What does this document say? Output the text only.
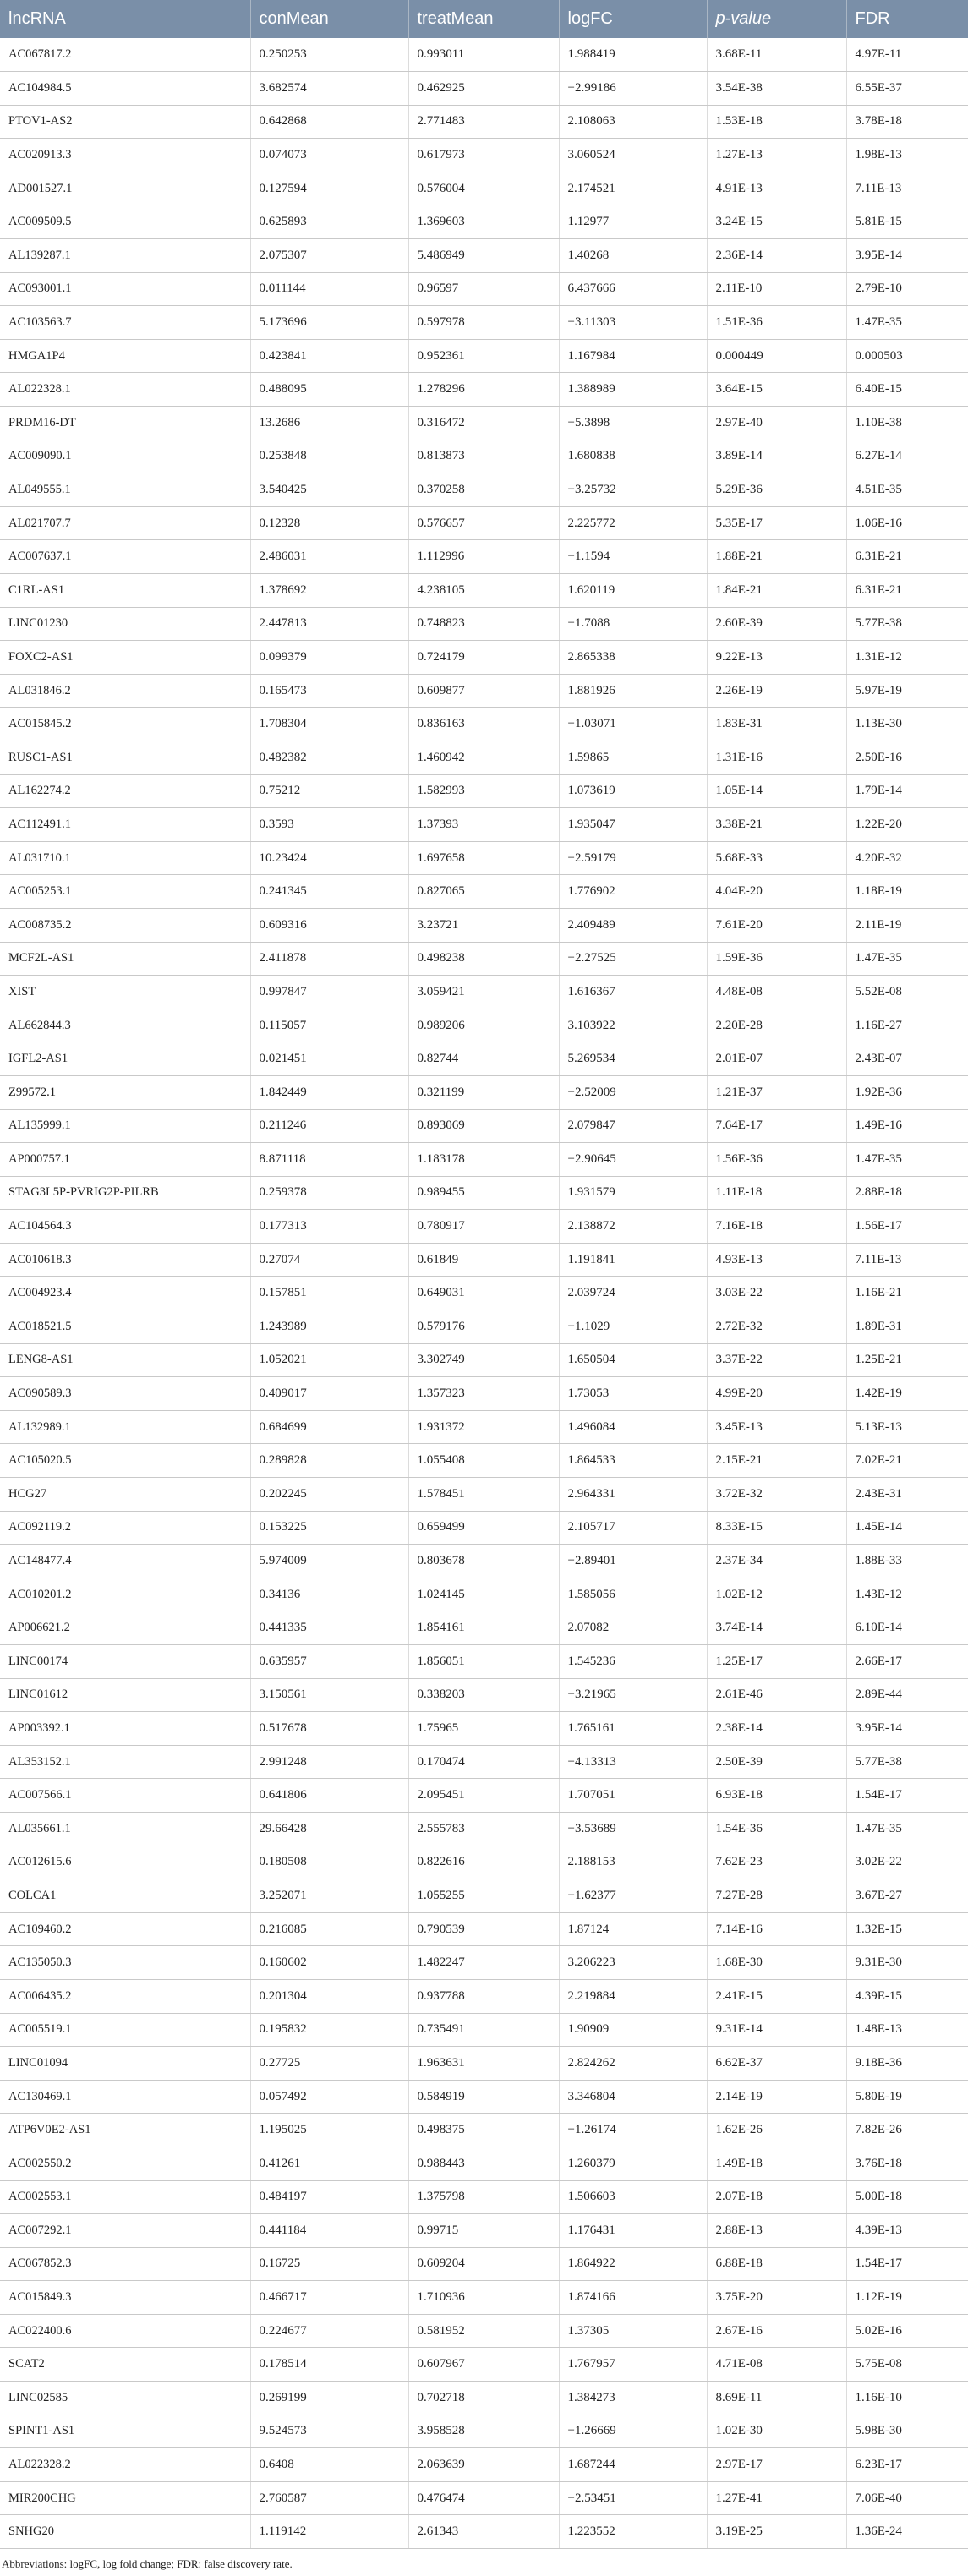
lncRNA	conMean	treatMean	logFC	p-value	FDR
AC067817.2	0.250253	0.993011	1.988419	3.68E-11	4.97E-11
AC104984.5	3.682574	0.462925	−2.99186	3.54E-38	6.55E-37
PTOV1-AS2	0.642868	2.771483	2.108063	1.53E-18	3.78E-18
AC020913.3	0.074073	0.617973	3.060524	1.27E-13	1.98E-13
AD001527.1	0.127594	0.576004	2.174521	4.91E-13	7.11E-13
AC009509.5	0.625893	1.369603	1.12977	3.24E-15	5.81E-15
AL139287.1	2.075307	5.486949	1.40268	2.36E-14	3.95E-14
AC093001.1	0.011144	0.96597	6.437666	2.11E-10	2.79E-10
AC103563.7	5.173696	0.597978	−3.11303	1.51E-36	1.47E-35
HMGA1P4	0.423841	0.952361	1.167984	0.000449	0.000503
AL022328.1	0.488095	1.278296	1.388989	3.64E-15	6.40E-15
PRDM16-DT	13.2686	0.316472	−5.3898	2.97E-40	1.10E-38
AC009090.1	0.253848	0.813873	1.680838	3.89E-14	6.27E-14
AL049555.1	3.540425	0.370258	−3.25732	5.29E-36	4.51E-35
AL021707.7	0.12328	0.576657	2.225772	5.35E-17	1.06E-16
AC007637.1	2.486031	1.112996	−1.1594	1.88E-21	6.31E-21
C1RL-AS1	1.378692	4.238105	1.620119	1.84E-21	6.31E-21
LINC01230	2.447813	0.748823	−1.7088	2.60E-39	5.77E-38
FOXC2-AS1	0.099379	0.724179	2.865338	9.22E-13	1.31E-12
AL031846.2	0.165473	0.609877	1.881926	2.26E-19	5.97E-19
AC015845.2	1.708304	0.836163	−1.03071	1.83E-31	1.13E-30
RUSC1-AS1	0.482382	1.460942	1.59865	1.31E-16	2.50E-16
AL162274.2	0.75212	1.582993	1.073619	1.05E-14	1.79E-14
AC112491.1	0.3593	1.37393	1.935047	3.38E-21	1.22E-20
AL031710.1	10.23424	1.697658	−2.59179	5.68E-33	4.20E-32
AC005253.1	0.241345	0.827065	1.776902	4.04E-20	1.18E-19
AC008735.2	0.609316	3.23721	2.409489	7.61E-20	2.11E-19
MCF2L-AS1	2.411878	0.498238	−2.27525	1.59E-36	1.47E-35
XIST	0.997847	3.059421	1.616367	4.48E-08	5.52E-08
AL662844.3	0.115057	0.989206	3.103922	2.20E-28	1.16E-27
IGFL2-AS1	0.021451	0.82744	5.269534	2.01E-07	2.43E-07
Z99572.1	1.842449	0.321199	−2.52009	1.21E-37	1.92E-36
AL135999.1	0.211246	0.893069	2.079847	7.64E-17	1.49E-16
AP000757.1	8.871118	1.183178	−2.90645	1.56E-36	1.47E-35
STAG3L5P-PVRIG2P-PILRB	0.259378	0.989455	1.931579	1.11E-18	2.88E-18
AC104564.3	0.177313	0.780917	2.138872	7.16E-18	1.56E-17
AC010618.3	0.27074	0.61849	1.191841	4.93E-13	7.11E-13
AC004923.4	0.157851	0.649031	2.039724	3.03E-22	1.16E-21
AC018521.5	1.243989	0.579176	−1.1029	2.72E-32	1.89E-31
LENG8-AS1	1.052021	3.302749	1.650504	3.37E-22	1.25E-21
AC090589.3	0.409017	1.357323	1.73053	4.99E-20	1.42E-19
AL132989.1	0.684699	1.931372	1.496084	3.45E-13	5.13E-13
AC105020.5	0.289828	1.055408	1.864533	2.15E-21	7.02E-21
HCG27	0.202245	1.578451	2.964331	3.72E-32	2.43E-31
AC092119.2	0.153225	0.659499	2.105717	8.33E-15	1.45E-14
AC148477.4	5.974009	0.803678	−2.89401	2.37E-34	1.88E-33
AC010201.2	0.34136	1.024145	1.585056	1.02E-12	1.43E-12
AP006621.2	0.441335	1.854161	2.07082	3.74E-14	6.10E-14
LINC00174	0.635957	1.856051	1.545236	1.25E-17	2.66E-17
LINC01612	3.150561	0.338203	−3.21965	2.61E-46	2.89E-44
AP003392.1	0.517678	1.75965	1.765161	2.38E-14	3.95E-14
AL353152.1	2.991248	0.170474	−4.13313	2.50E-39	5.77E-38
AC007566.1	0.641806	2.095451	1.707051	6.93E-18	1.54E-17
AL035661.1	29.66428	2.555783	−3.53689	1.54E-36	1.47E-35
AC012615.6	0.180508	0.822616	2.188153	7.62E-23	3.02E-22
COLCA1	3.252071	1.055255	−1.62377	7.27E-28	3.67E-27
AC109460.2	0.216085	0.790539	1.87124	7.14E-16	1.32E-15
AC135050.3	0.160602	1.482247	3.206223	1.68E-30	9.31E-30
AC006435.2	0.201304	0.937788	2.219884	2.41E-15	4.39E-15
AC005519.1	0.195832	0.735491	1.90909	9.31E-14	1.48E-13
LINC01094	0.27725	1.963631	2.824262	6.62E-37	9.18E-36
AC130469.1	0.057492	0.584919	3.346804	2.14E-19	5.80E-19
ATP6V0E2-AS1	1.195025	0.498375	−1.26174	1.62E-26	7.82E-26
AC002550.2	0.41261	0.988443	1.260379	1.49E-18	3.76E-18
AC002553.1	0.484197	1.375798	1.506603	2.07E-18	5.00E-18
AC007292.1	0.441184	0.99715	1.176431	2.88E-13	4.39E-13
AC067852.3	0.16725	0.609204	1.864922	6.88E-18	1.54E-17
AC015849.3	0.466717	1.710936	1.874166	3.75E-20	1.12E-19
AC022400.6	0.224677	0.581952	1.37305	2.67E-16	5.02E-16
SCAT2	0.178514	0.607967	1.767957	4.71E-08	5.75E-08
LINC02585	0.269199	0.702718	1.384273	8.69E-11	1.16E-10
SPINT1-AS1	9.524573	3.958528	−1.26669	1.02E-30	5.98E-30
AL022328.2	0.6408	2.063639	1.687244	2.97E-17	6.23E-17
MIR200CHG	2.760587	0.476474	−2.53451	1.27E-41	7.06E-40
SNHG20	1.119142	2.61343	1.223552	3.19E-25	1.36E-24
Abbreviations: logFC, log fold change; FDR: false discovery rate.
